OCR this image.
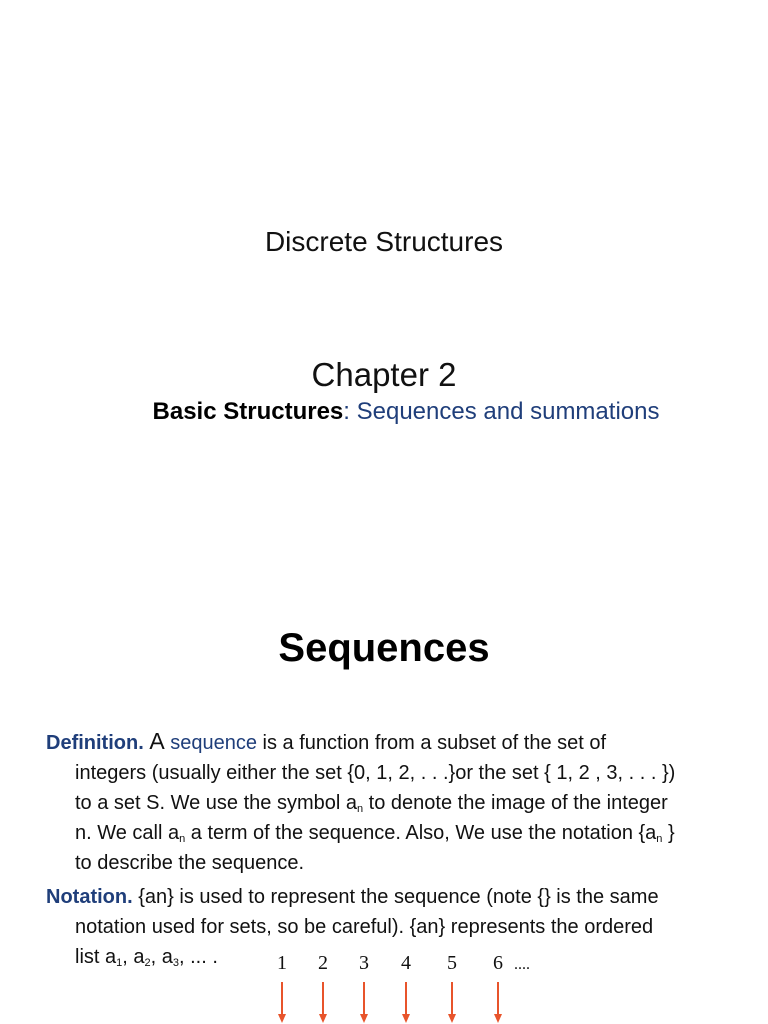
Discrete Structures
Chapter 2
Basic Structures: Sequences and summations
Sequences
Definition. A sequence is a function from a subset of the set of
integers (usually either the set {0, 1, 2, . . .}or the set { 1, 2 , 3, . . . })
to a set S. We use the symbol $a_n$ to denote the image of the integer
n. We call $a_n$ a term of the sequence. Also, We use the notation {$a_n$ }
to describe the sequence.
Notation. {an} is used to represent the sequence (note {} is the same
notation used for sets, so be careful). {an} represents the ordered
list $a_1$, $a_2$, $a_3$, ... .	1 2 3 4 5 6 ....
